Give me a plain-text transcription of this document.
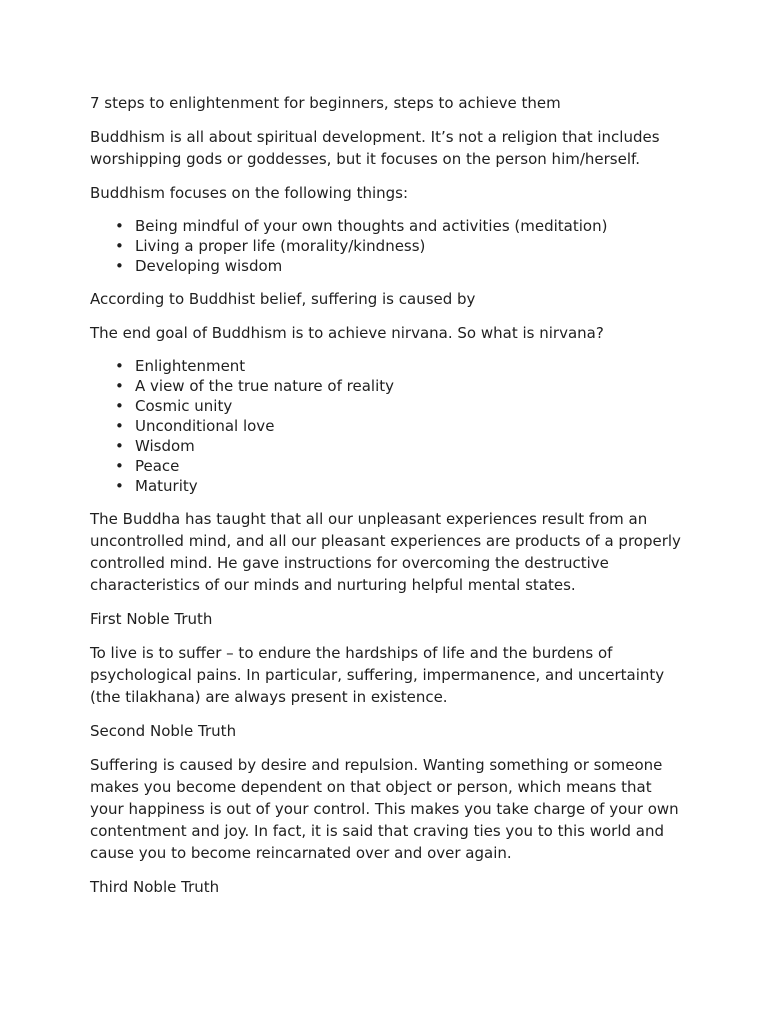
7 steps to enlightenment for beginners, steps to achieve them

Buddhism is all about spiritual development. It’s not a religion that includes worshipping gods or goddesses, but it focuses on the person him/herself.

Buddhism focuses on the following things:

• Being mindful of your own thoughts and activities (meditation)
• Living a proper life (morality/kindness)
• Developing wisdom

According to Buddhist belief, suffering is caused by

The end goal of Buddhism is to achieve nirvana. So what is nirvana?

• Enlightenment
• A view of the true nature of reality
• Cosmic unity
• Unconditional love
• Wisdom
• Peace
• Maturity

The Buddha has taught that all our unpleasant experiences result from an uncontrolled mind, and all our pleasant experiences are products of a properly controlled mind. He gave instructions for overcoming the destructive characteristics of our minds and nurturing helpful mental states.

First Noble Truth

To live is to suffer – to endure the hardships of life and the burdens of psychological pains. In particular, suffering, impermanence, and uncertainty (the tilakhana) are always present in existence.

Second Noble Truth

Suffering is caused by desire and repulsion. Wanting something or someone makes you become dependent on that object or person, which means that your happiness is out of your control. This makes you take charge of your own contentment and joy. In fact, it is said that craving ties you to this world and cause you to become reincarnated over and over again.

Third Noble Truth
